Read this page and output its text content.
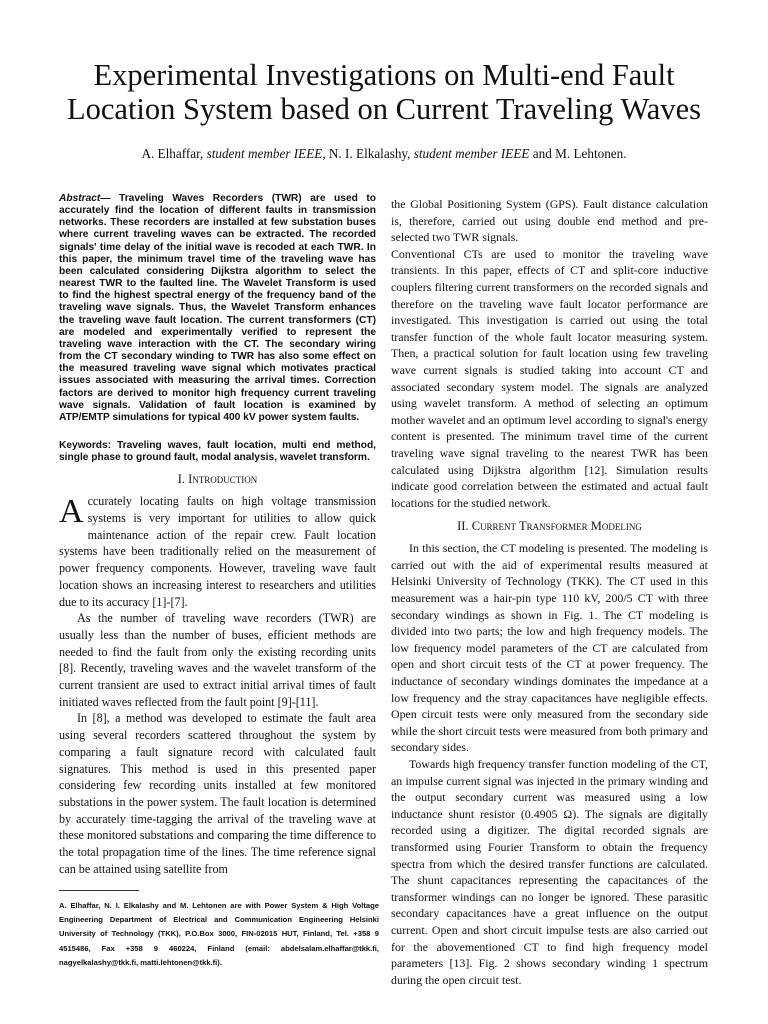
Experimental Investigations on Multi-end Fault Location System based on Current Traveling Waves
A. Elhaffar, student member IEEE, N. I. Elkalashy, student member IEEE and M. Lehtonen.

Abstract— Traveling Waves Recorders (TWR) are used to accurately find the location of different faults in transmission networks. These recorders are installed at few substation buses where current traveling waves can be extracted. The recorded signals' time delay of the initial wave is recoded at each TWR. In this paper, the minimum travel time of the traveling wave has been calculated considering Dijkstra algorithm to select the nearest TWR to the faulted line. The Wavelet Transform is used to find the highest spectral energy of the frequency band of the traveling wave signals. Thus, the Wavelet Transform enhances the traveling wave fault location. The current transformers (CT) are modeled and experimentally verified to represent the traveling wave interaction with the CT. The secondary wiring from the CT secondary winding to TWR has also some effect on the measured traveling wave signal which motivates practical issues associated with measuring the arrival times. Correction factors are derived to monitor high frequency current traveling wave signals. Validation of fault location is examined by ATP/EMTP simulations for typical 400 kV power system faults.

Keywords: Traveling waves, fault location, multi end method, single phase to ground fault, modal analysis, wavelet transform.

I. Introduction

Accurately locating faults on high voltage transmission systems is very important for utilities to allow quick maintenance action of the repair crew. Fault location systems have been traditionally relied on the measurement of power frequency components. However, traveling wave fault location shows an increasing interest to researchers and utilities due to its accuracy [1]-[7].

As the number of traveling wave recorders (TWR) are usually less than the number of buses, efficient methods are needed to find the fault from only the existing recording units [8]. Recently, traveling waves and the wavelet transform of the current transient are used to extract initial arrival times of fault initiated waves reflected from the fault point [9]-[11].

In [8], a method was developed to estimate the fault area using several recorders scattered throughout the system by comparing a fault signature record with calculated fault signatures. This method is used in this presented paper considering few recording units installed at few monitored substations in the power system. The fault location is determined by accurately time-tagging the arrival of the traveling wave at these monitored substations and comparing the time difference to the total propagation time of the lines. The time reference signal can be attained using satellite from

the Global Positioning System (GPS). Fault distance calculation is, therefore, carried out using double end method and pre-selected two TWR signals.

Conventional CTs are used to monitor the traveling wave transients. In this paper, effects of CT and split-core inductive couplers filtering current transformers on the recorded signals and therefore on the traveling wave fault locator performance are investigated. This investigation is carried out using the total transfer function of the whole fault locator measuring system. Then, a practical solution for fault location using few traveling wave current signals is studied taking into account CT and associated secondary system model. The signals are analyzed using wavelet transform. A method of selecting an optimum mother wavelet and an optimum level according to signal's energy content is presented. The minimum travel time of the current traveling wave signal traveling to the nearest TWR has been calculated using Dijkstra algorithm [12]. Simulation results indicate good correlation between the estimated and actual fault locations for the studied network.

II. Current Transformer Modeling

In this section, the CT modeling is presented. The modeling is carried out with the aid of experimental results measured at Helsinki University of Technology (TKK). The CT used in this measurement was a hair-pin type 110 kV, 200/5 CT with three secondary windings as shown in Fig. 1. The CT modeling is divided into two parts; the low and high frequency models. The low frequency model parameters of the CT are calculated from open and short circuit tests of the CT at power frequency. The inductance of secondary windings dominates the impedance at a low frequency and the stray capacitances have negligible effects. Open circuit tests were only measured from the secondary side while the short circuit tests were measured from both primary and secondary sides.

Towards high frequency transfer function modeling of the CT, an impulse current signal was injected in the primary winding and the output secondary current was measured using a low inductance shunt resistor (0.4905 Ω). The signals are digitally recorded using a digitizer. The digital recorded signals are transformed using Fourier Transform to obtain the frequency spectra from which the desired transfer functions are calculated. The shunt capacitances representing the capacitances of the transformer windings can no longer be ignored. These parasitic secondary capacitances have a great influence on the output current. Open and short circuit impulse tests are also carried out for the abovementioned CT to find high frequency model parameters [13]. Fig. 2 shows secondary winding 1 spectrum during the open circuit test.

A. Elhaffar, N. I. Elkalashy and M. Lehtonen are with Power System & High Voltage Engineering Department of Electrical and Communication Engineering Helsinki University of Technology (TKK), P.O.Box 3000, FIN-02015 HUT, Finland, Tel. +358 9 4515486, Fax +358 9 460224, Finland (email: abdelsalam.elhaffar@tkk.fi, nagyelkalashy@tkk.fi, matti.lehtonen@tkk.fi).
